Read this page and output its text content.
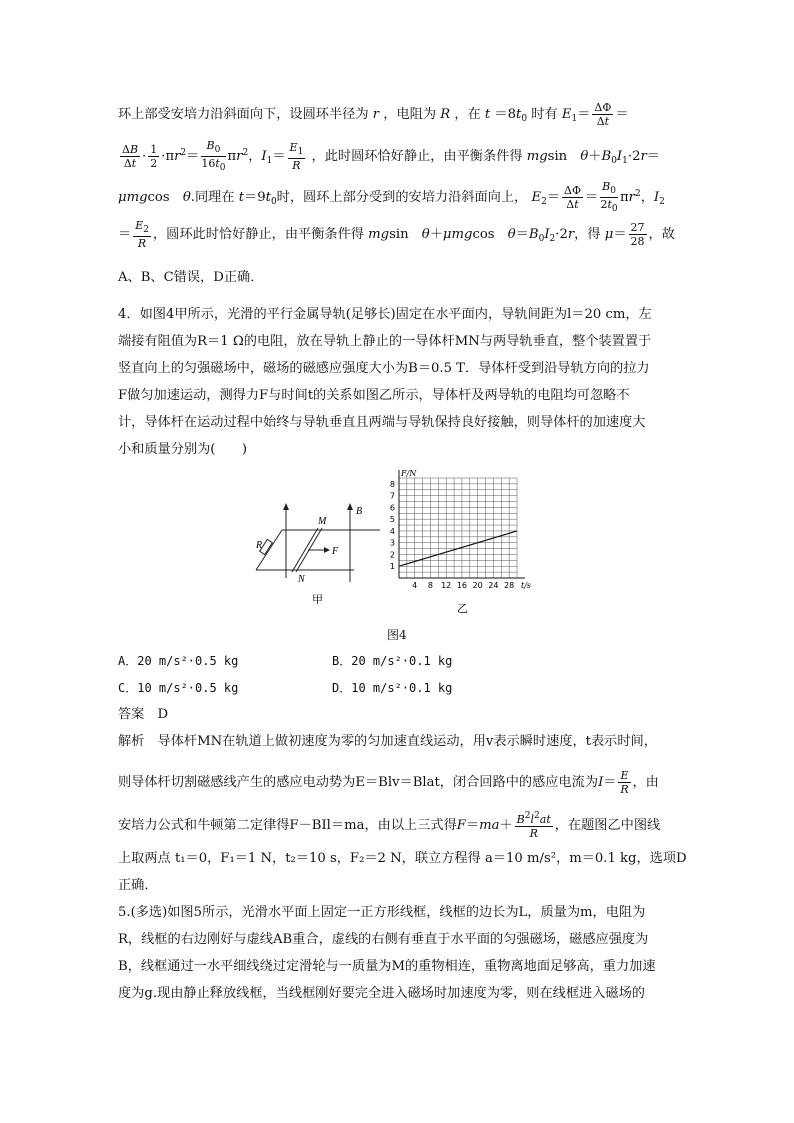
环上部受安培力沿斜面向下，设圆环半径为 r ，电阻为 R ，在 $t =8t_0$ 时有 $E_1= \frac{\Delta\Phi}{\Delta t}$ ＝
$\frac{\Delta B}{\Delta t} \cdot \frac{1}{2} \cdot\pi r^2= \frac{B_0}{16t_0} \pi r^2$，$I_1= \frac{E_1}{R}$ ，此时圆环恰好静止，由平衡条件得 mgsin　$\theta+B_0I_1\cdot 2r=$
μmgcos　θ.同理在 $t=9t_0$时，圆环上部分受到的安培力沿斜面向上， $E_2= \frac{\Delta\Phi}{\Delta t} = \frac{B_0}{2t_0} \pi r^2$，$I_2$
＝ $\frac{E_2}{R}$ ，圆环此时恰好静止，由平衡条件得 mgsin　θ＋μmgcos　$\theta=B_0I_2\cdot 2r$，得 $\mu= \frac{27}{28}$ ，故
A、B、C错误，D正确．
4．如图4甲所示，光滑的平行金属导轨(足够长)固定在水平面内，导轨间距为l＝20 cm，左
端接有阻值为R＝1 Ω的电阻，放在导轨上静止的一导体杆MN与两导轨垂直，整个装置置于
竖直向上的匀强磁场中，磁场的磁感应强度大小为B＝0.5 T．导体杆受到沿导轨方向的拉力
F做匀加速运动，测得力F与时间t的关系如图乙所示，导体杆及两导轨的电阻均可忽略不
计，导体杆在运动过程中始终与导轨垂直且两端与导轨保持良好接触，则导体杆的加速度大
小和质量分别为(　　)
R
M
N
F
B
甲
4 8 12 16 20 24 28
1
2
3
4
5
6
7
8
t/s
F/N
乙
图4
A．20 m/s²·0.5 kg	B．20 m/s²·0.1 kg
C．10 m/s²·0.5 kg	D．10 m/s²·0.1 kg
答案　D
解析　导体杆MN在轨道上做初速度为零的匀加速直线运动，用v表示瞬时速度，t表示时间，
则导体杆切割磁感线产生的感应电动势为E＝Blv＝Blat，闭合回路中的感应电流为$I= \frac{E}{R}$ ，由
安培力公式和牛顿第二定律得F－BIl＝ma，由以上三式得$F=ma+ \frac{B^2l^2at}{R}$ ，在题图乙中图线
上取两点 t₁＝0，F₁＝1 N，t₂＝10 s，F₂＝2 N，联立方程得 a＝10 m/s²，m＝0.1 kg，选项D
正确．
5.(多选)如图5所示，光滑水平面上固定一正方形线框，线框的边长为L，质量为m，电阻为
R，线框的右边刚好与虚线AB重合，虚线的右侧有垂直于水平面的匀强磁场，磁感应强度为
B，线框通过一水平细线绕过定滑轮与一质量为M的重物相连，重物离地面足够高，重力加速
度为g.现由静止释放线框，当线框刚好要完全进入磁场时加速度为零，则在线框进入磁场的
